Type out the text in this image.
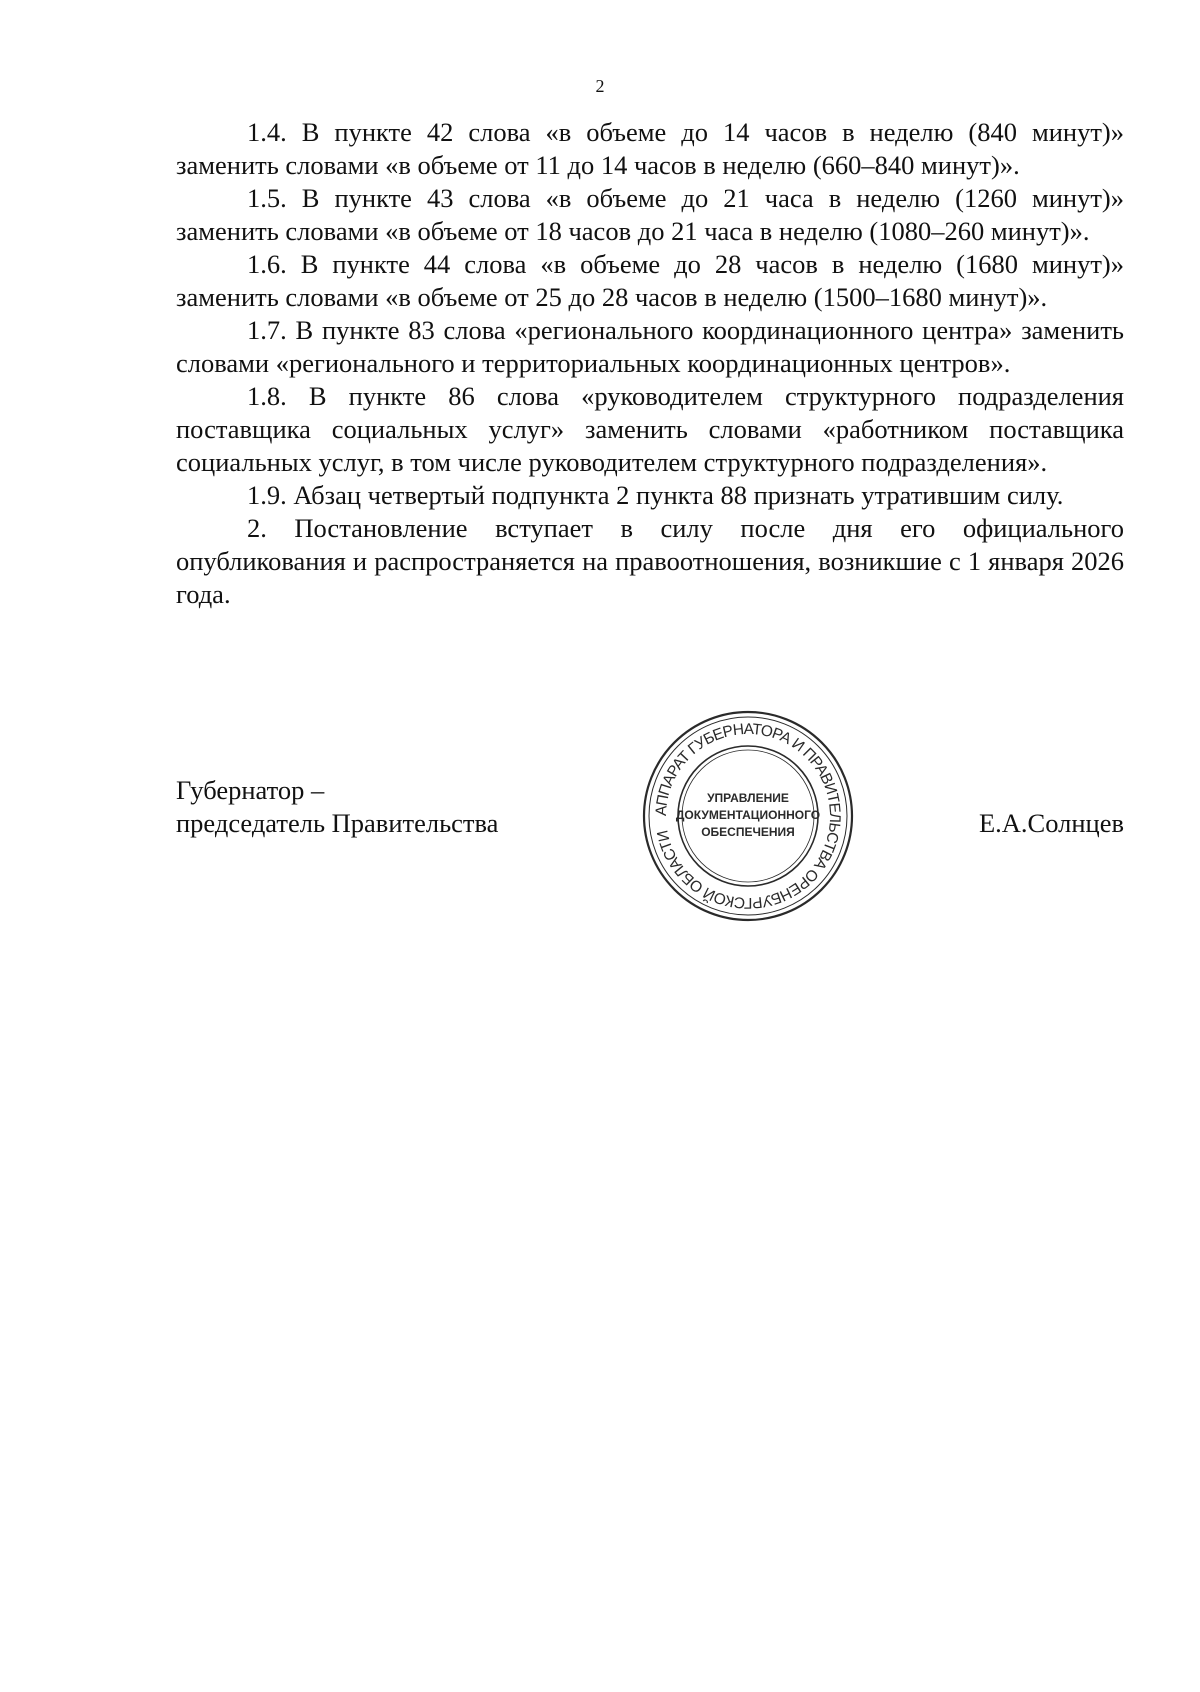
2

1.4. В пункте 42 слова «в объеме до 14 часов в неделю (840 минут)» заменить словами «в объеме от 11 до 14 часов в неделю (660–840 минут)».

1.5. В пункте 43 слова «в объеме до 21 часа в неделю (1260 минут)» заменить словами «в объеме от 18 часов до 21 часа в неделю (1080–260 минут)».

1.6. В пункте 44 слова «в объеме до 28 часов в неделю (1680 минут)» заменить словами «в объеме от 25 до 28 часов в неделю (1500–1680 минут)».

1.7. В пункте 83 слова «регионального координационного центра» заменить словами «регионального и территориальных координационных центров».

1.8. В пункте 86 слова «руководителем структурного подразделения поставщика социальных услуг» заменить словами «работником поставщика социальных услуг, в том числе руководителем структурного подразделения».

1.9. Абзац четвертый подпункта 2 пункта 88 признать утратившим силу.

2. Постановление вступает в силу после дня его официального опубликования и распространяется на правоотношения, возникшие с 1 января 2026 года.

Губернатор –
председатель Правительства	АППАРАТ ГУБЕРНАТОРА И ПРАВИТЕЛЬСТВА ОРЕНБУРГСКОЙ ОБЛАСТИ
УПРАВЛЕНИЕ
ДОКУМЕНТАЦИОННОГО
ОБЕСПЕЧЕНИЯ	Е.А.Солнцев
